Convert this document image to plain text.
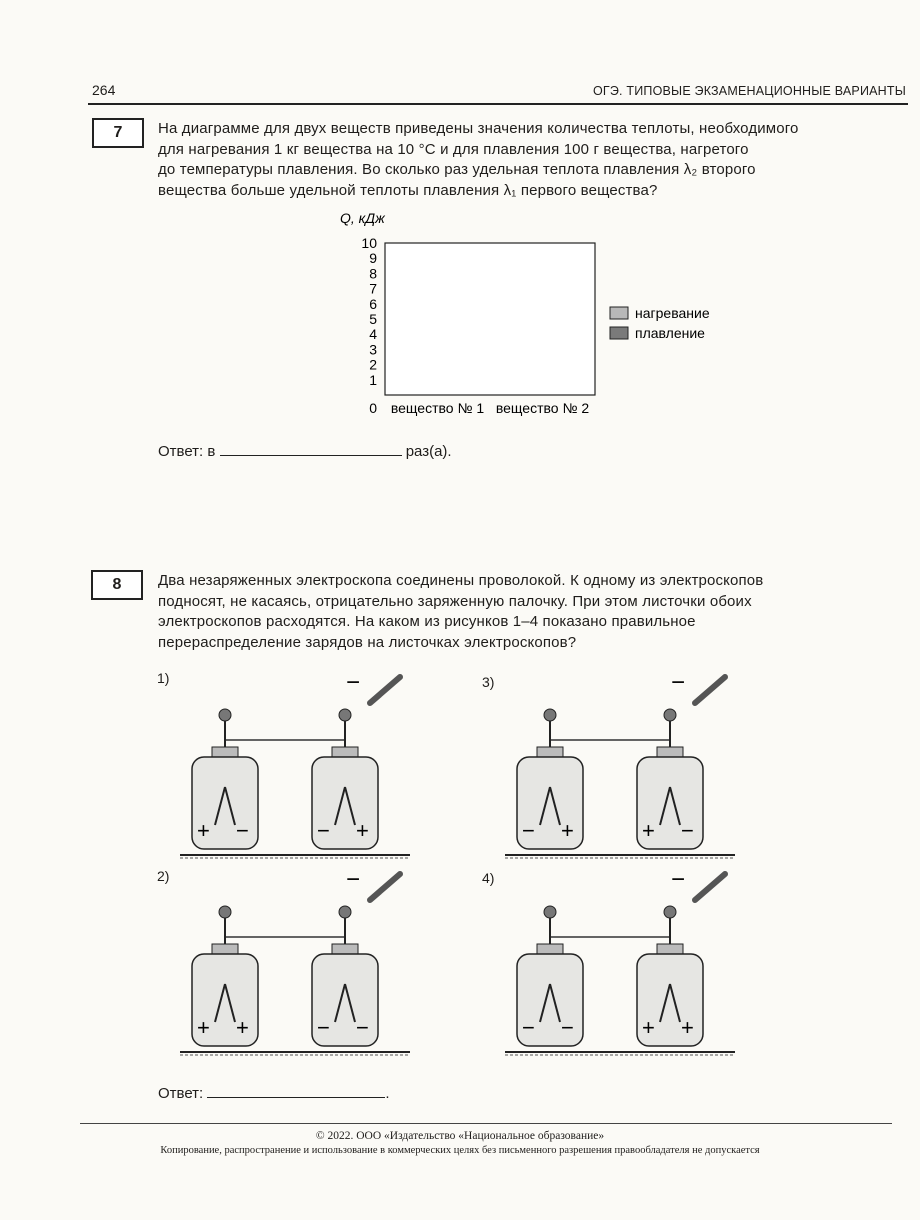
264	ОГЭ. ТИПОВЫЕ ЭКЗАМЕНАЦИОННЫЕ ВАРИАНТЫ
7	На диаграмме для двух веществ приведены значения количества теплоты, необходимого
для нагревания 1 кг вещества на 10 °С и для плавления 100 г вещества, нагретого
до температуры плавления. Во сколько раз удельная теплота плавления λ₂ второго
вещества больше удельной теплоты плавления λ₁ первого вещества?
0
1
2
3
4
5
6
7
8
9
10
вещество № 1 вещество № 2
нагревание
плавление
Q, кДж
Ответ: в	раз(а).
8	Два незаряженных электроскопа соединены проволокой. К одному из электроскопов
подносят, не касаясь, отрицательно заряженную палочку. При этом листочки обоих
электроскопов расходятся. На каком из рисунков 1–4 показано правильное
перераспределение зарядов на листочках электроскопов?
1)
2)
3)
4)
+ −	− +
−
+ +	− −
−
− +	+ −
−
− −	+ +
−
Ответ:	.
© 2022. ООО «Издательство «Национальное образование»
Копирование, распространение и использование в коммерческих целях без письменного разрешения правообладателя не допускается
